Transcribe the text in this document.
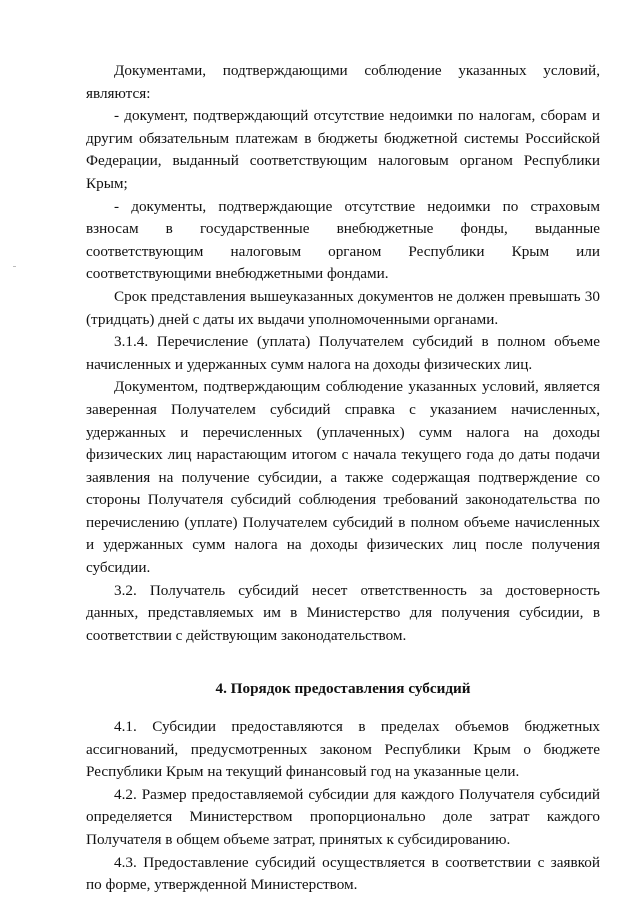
Документами, подтверждающими соблюдение указанных условий, являются:

- документ, подтверждающий отсутствие недоимки по налогам, сборам и другим обязательным платежам в бюджеты бюджетной системы Российской Федерации, выданный соответствующим налоговым органом Республики Крым;

- документы, подтверждающие отсутствие недоимки по страховым взносам в государственные внебюджетные фонды, выданные соответствующим налоговым органом Республики Крым или соответствующими внебюджетными фондами.

Срок представления вышеуказанных документов не должен превышать 30 (тридцать) дней с даты их выдачи уполномоченными органами.

3.1.4. Перечисление (уплата) Получателем субсидий в полном объеме начисленных и удержанных сумм налога на доходы физических лиц.

Документом, подтверждающим соблюдение указанных условий, является заверенная Получателем субсидий справка с указанием начисленных, удержанных и перечисленных (уплаченных) сумм налога на доходы физических лиц нарастающим итогом с начала текущего года до даты подачи заявления на получение субсидии, а также содержащая подтверждение со стороны Получателя субсидий соблюдения требований законодательства по перечислению (уплате) Получателем субсидий в полном объеме начисленных и удержанных сумм налога на доходы физических лиц после получения субсидии.

3.2. Получатель субсидий несет ответственность за достоверность данных, представляемых им в Министерство для получения субсидии, в соответствии с действующим законодательством.

4. Порядок предоставления субсидий

4.1. Субсидии предоставляются в пределах объемов бюджетных ассигнований, предусмотренных законом Республики Крым о бюджете Республики Крым на текущий финансовый год на указанные цели.

4.2. Размер предоставляемой субсидии для каждого Получателя субсидий определяется Министерством пропорционально доле затрат каждого Получателя в общем объеме затрат, принятых к субсидированию.

4.3. Предоставление субсидий осуществляется в соответствии с заявкой по форме, утвержденной Министерством.
